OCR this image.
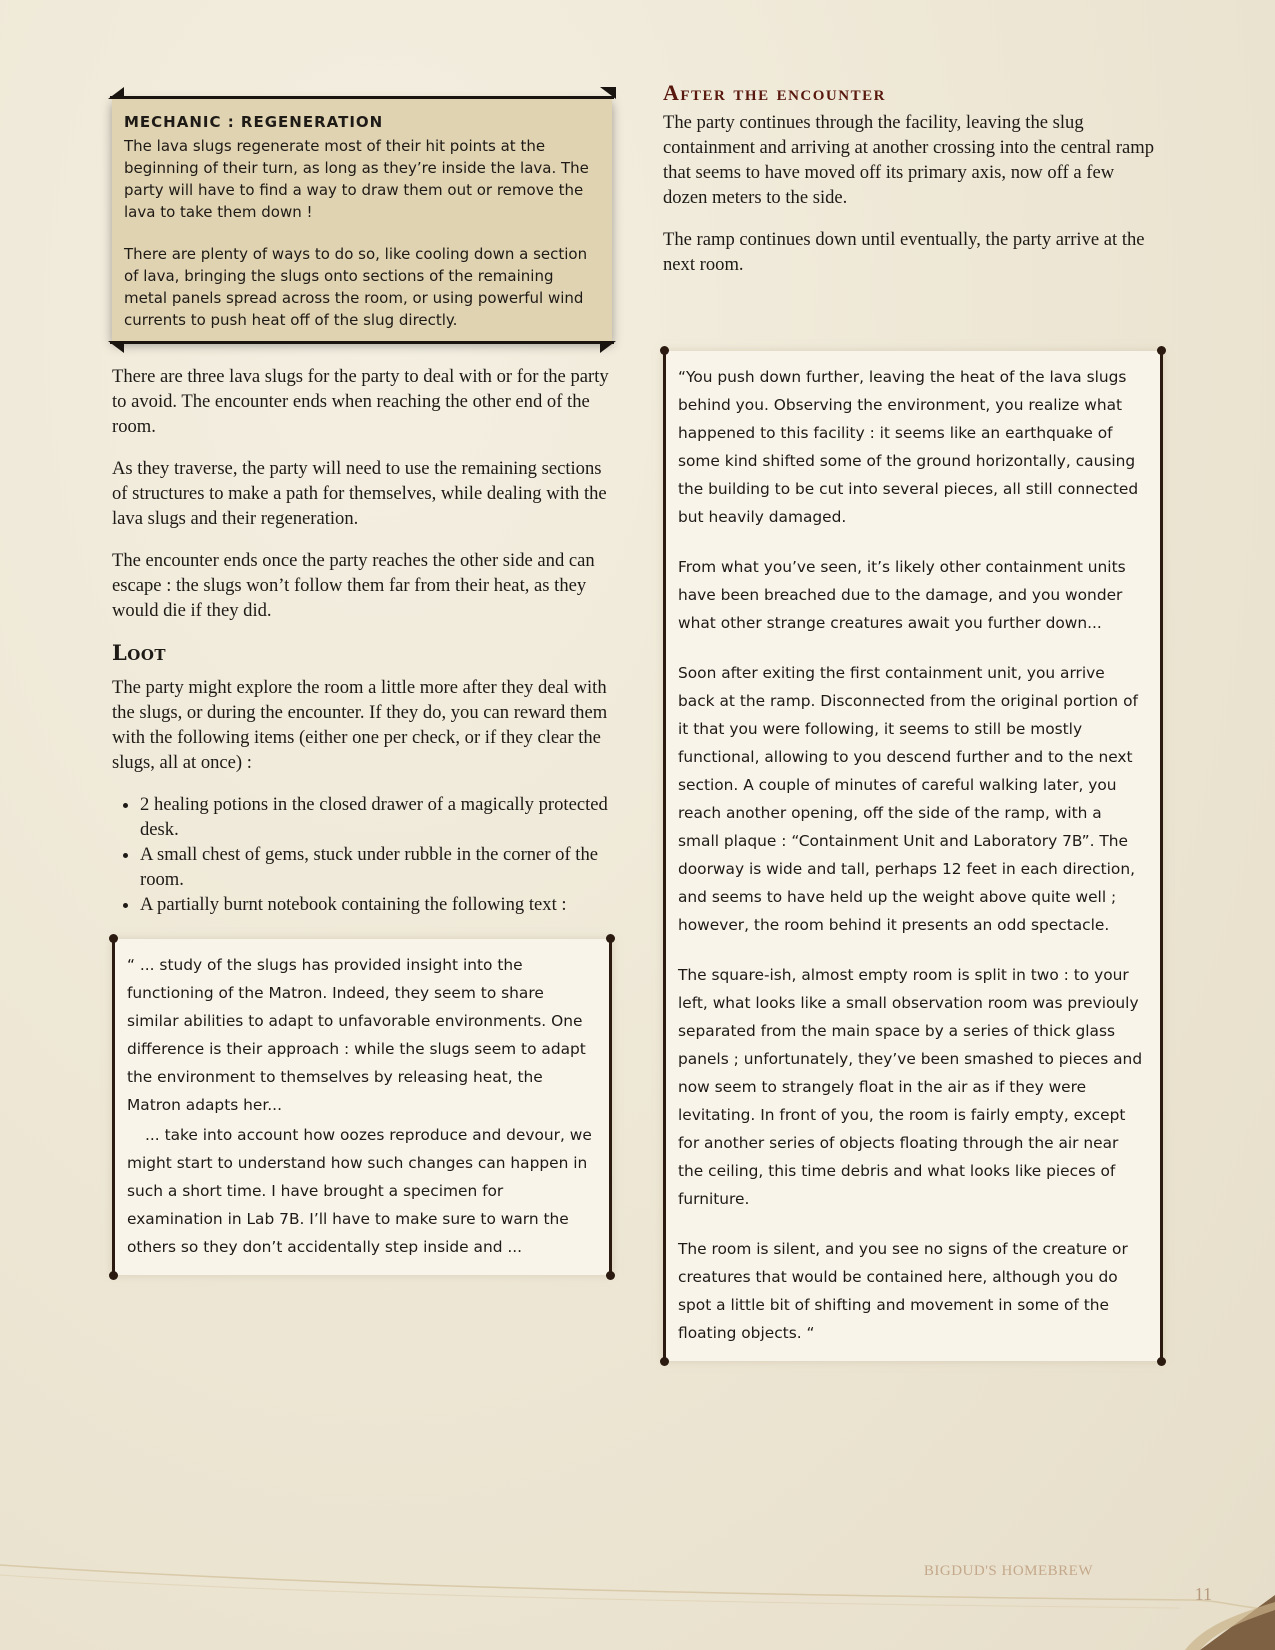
MECHANIC : REGENERATION

The lava slugs regenerate most of their hit points at the beginning of their turn, as long as they’re inside the lava. The party will have to find a way to draw them out or remove the lava to take them down !

There are plenty of ways to do so, like cooling down a section of lava, bringing the slugs onto sections of the remaining metal panels spread across the room, or using powerful wind currents to push heat off of the slug directly.

There are three lava slugs for the party to deal with or for the party to avoid. The encounter ends when reaching the other end of the room.

As they traverse, the party will need to use the remaining sections of structures to make a path for themselves, while dealing with the lava slugs and their regeneration.

The encounter ends once the party reaches the other side and can escape : the slugs won’t follow them far from their heat, as they would die if they did.

Loot

The party might explore the room a little more after they deal with the slugs, or during the encounter. If they do, you can reward them with the following items (either one per check, or if they clear the slugs, all at once) :

• 2 healing potions in the closed drawer of a magically protected desk.
• A small chest of gems, stuck under rubble in the corner of the room.
• A partially burnt notebook containing the following text :

“ ... study of the slugs has provided insight into the functioning of the Matron. Indeed, they seem to share similar abilities to adapt to unfavorable environments. One difference is their approach : while the slugs seem to adapt the environment to themselves by releasing heat, the Matron adapts her...

... take into account how oozes reproduce and devour, we might start to understand how such changes can happen in such a short time. I have brought a specimen for examination in Lab 7B. I’ll have to make sure to warn the others so they don’t accidentally step inside and ...

After the encounter

The party continues through the facility, leaving the slug containment and arriving at another crossing into the central ramp that seems to have moved off its primary axis, now off a few dozen meters to the side.

The ramp continues down until eventually, the party arrive at the next room.

“You push down further, leaving the heat of the lava slugs behind you. Observing the environment, you realize what happened to this facility : it seems like an earthquake of some kind shifted some of the ground horizontally, causing the building to be cut into several pieces, all still connected but heavily damaged.

From what you’ve seen, it’s likely other containment units have been breached due to the damage, and you wonder what other strange creatures await you further down...

Soon after exiting the first containment unit, you arrive back at the ramp. Disconnected from the original portion of it that you were following, it seems to still be mostly functional, allowing to you descend further and to the next section. A couple of minutes of careful walking later, you reach another opening, off the side of the ramp, with a small plaque : “Containment Unit and Laboratory 7B”. The doorway is wide and tall, perhaps 12 feet in each direction, and seems to have held up the weight above quite well ; however, the room behind it presents an odd spectacle.

The square-ish, almost empty room is split in two : to your left, what looks like a small observation room was previouly separated from the main space by a series of thick glass panels ; unfortunately, they’ve been smashed to pieces and now seem to strangely float in the air as if they were levitating. In front of you, the room is fairly empty, except for another series of objects floating through the air near the ceiling, this time debris and what looks like pieces of furniture.

The room is silent, and you see no signs of the creature or creatures that would be contained here, although you do spot a little bit of shifting and movement in some of the floating objects. “

BIGDUD'S HOMEBREW
11
